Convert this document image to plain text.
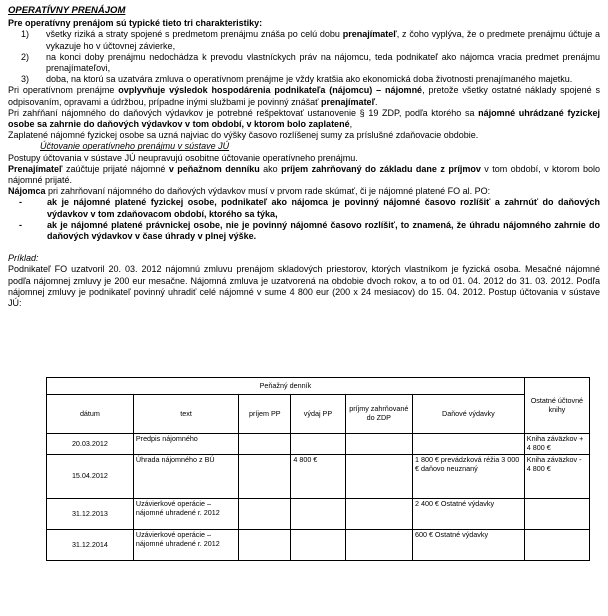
OPERATÍVNY PRENÁJOM

Pre operatívny prenájom sú typické tieto tri charakteristiky:

1) všetky riziká a straty spojené s predmetom prenájmu znáša po celú dobu prenajímateľ, z čoho vyplýva, že o predmete prenájmu účtuje a vykazuje ho v účtovnej závierke,
2) na konci doby prenájmu nedochádza k prevodu vlastníckych práv na nájomcu, teda podnikateľ ako nájomca vracia predmet prenájmu prenajímateľovi,
3) doba, na ktorú sa uzatvára zmluva o operatívnom prenájme je vždy kratšia ako ekonomická doba životnosti prenajímaného majetku.

Pri operatívnom prenájme ovplyvňuje výsledok hospodárenia podnikateľa (nájomcu) – nájomné, pretože všetky ostatné náklady spojené s odpisovaním, opravami a údržbou, prípadne inými službami je povinný znášať prenajímateľ.

Pri zahŕňaní nájomného do daňových výdavkov je potrebné rešpektovať ustanovenie § 19 ZDP, podľa ktorého sa nájomné uhrádzané fyzickej osobe sa zahrnie do daňových výdavkov v tom období, v ktorom bolo zaplatené,

Zaplatené nájomné fyzickej osobe sa uzná najviac do výšky časovo rozlíšenej sumy za príslušné zdaňovacie obdobie.

Účtovanie operatívneho prenájmu v sústave JÚ

Postupy účtovania v sústave JÚ neupravujú osobitne účtovanie operatívneho prenájmu.

Prenajímateľ zaúčtuje prijaté nájomné v peňažnom denníku ako príjem zahrňovaný do základu dane z príjmov v tom období, v ktorom bolo nájomné prijaté.

Nájomca pri zahrňovaní nájomného do daňových výdavkov musí v prvom rade skúmať, či je nájomné platené FO al. PO:

-	ak je nájomné platené fyzickej osobe, podnikateľ ako nájomca je povinný nájomné časovo rozlíšiť a zahrnúť do daňových výdavkov v tom zdaňovacom období, ktorého sa týka,
-	ak je nájomné platené právnickej osobe, nie je povinný nájomné časovo rozlíšiť, to znamená, že úhradu nájomného zahrnie do daňových výdavkov v čase úhrady v plnej výške.

Príklad:

Podnikateľ FO uzatvoril 20. 03. 2012 nájomnú zmluvu prenájom skladových priestorov, ktorých vlastníkom je fyzická osoba. Mesačné nájomné podľa nájomnej zmluvy je 200 eur mesačne. Nájomná zmluva je uzatvorená na obdobie dvoch rokov, a to od 01. 04. 2012 do 31. 03. 2012. Podľa nájomnej zmluvy je podnikateľ povinný uhradiť celé nájomné v sume 4 800 eur (200 x 24 mesiacov) do 15. 04. 2012. Postup účtovania v sústave JÚ:

Peňažný denník						Ostatné účtovné knihy
dátum	text	príjem PP	výdaj PP	príjmy zahrňované do ZDP	Daňové výdavky	
20.03.2012	Predpis nájomného					Kniha záväzkov + 4 800 €
15.04.2012	Úhrada nájomného z BÚ		4 800 €		1 800 € prevádzková réžia 3 000 € daňovo neuznaný	Kniha záväzkov - 4 800 €
31.12.2013	Uzávierkové operácie – nájomné uhradené r. 2012				2 400 € Ostatné výdavky	
31.12.2014	Uzávierkové operácie – nájomné uhradené r. 2012				600 € Ostatné výdavky	
